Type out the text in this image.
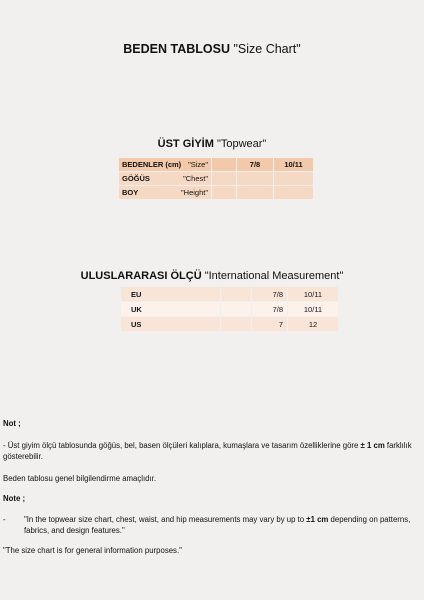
BEDEN TABLOSU "Size Chart"
ÜST GİYİM "Topwear"
BEDENLER (cm) "Size"		7/8	10/11
GÖĞÜS "Chest"			

BOY "Height"			

ULUSLARARASI ÖLÇÜ "International Measurement"
EU		7/8	10/11
UK		7/8	10/11
US		7	12
Not ;
- Üst giyim ölçü tablosunda göğüs, bel, basen ölçüleri kalıplara, kumaşlara ve tasarım özelliklerine göre ± 1 cm farklılık gösterebilir.
Beden tablosu genel bilgilendirme amaçlıdır.
Note ;
-	"In the topwear size chart, chest, waist, and hip measurements may vary by up to ±1 cm depending on patterns, fabrics, and design features."
"The size chart is for general information purposes."
